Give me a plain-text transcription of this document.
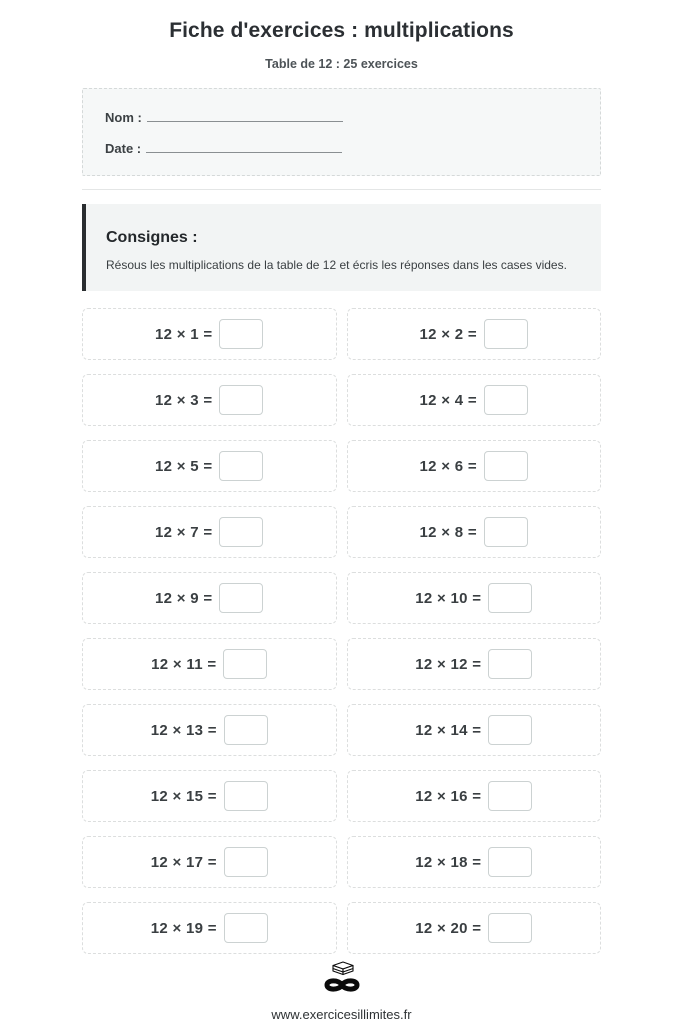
Fiche d'exercices : multiplications
Table de 12 : 25 exercices
Nom :
Date :
Consignes :
Résous les multiplications de la table de 12 et écris les réponses dans les cases vides.
12 × 1 =	12 × 2 =
12 × 3 =	12 × 4 =
12 × 5 =	12 × 6 =
12 × 7 =	12 × 8 =
12 × 9 =	12 × 10 =
12 × 11 =	12 × 12 =
12 × 13 =	12 × 14 =
12 × 15 =	12 × 16 =
12 × 17 =	12 × 18 =
12 × 19 =	12 × 20 =
www.exercicesillimites.fr
